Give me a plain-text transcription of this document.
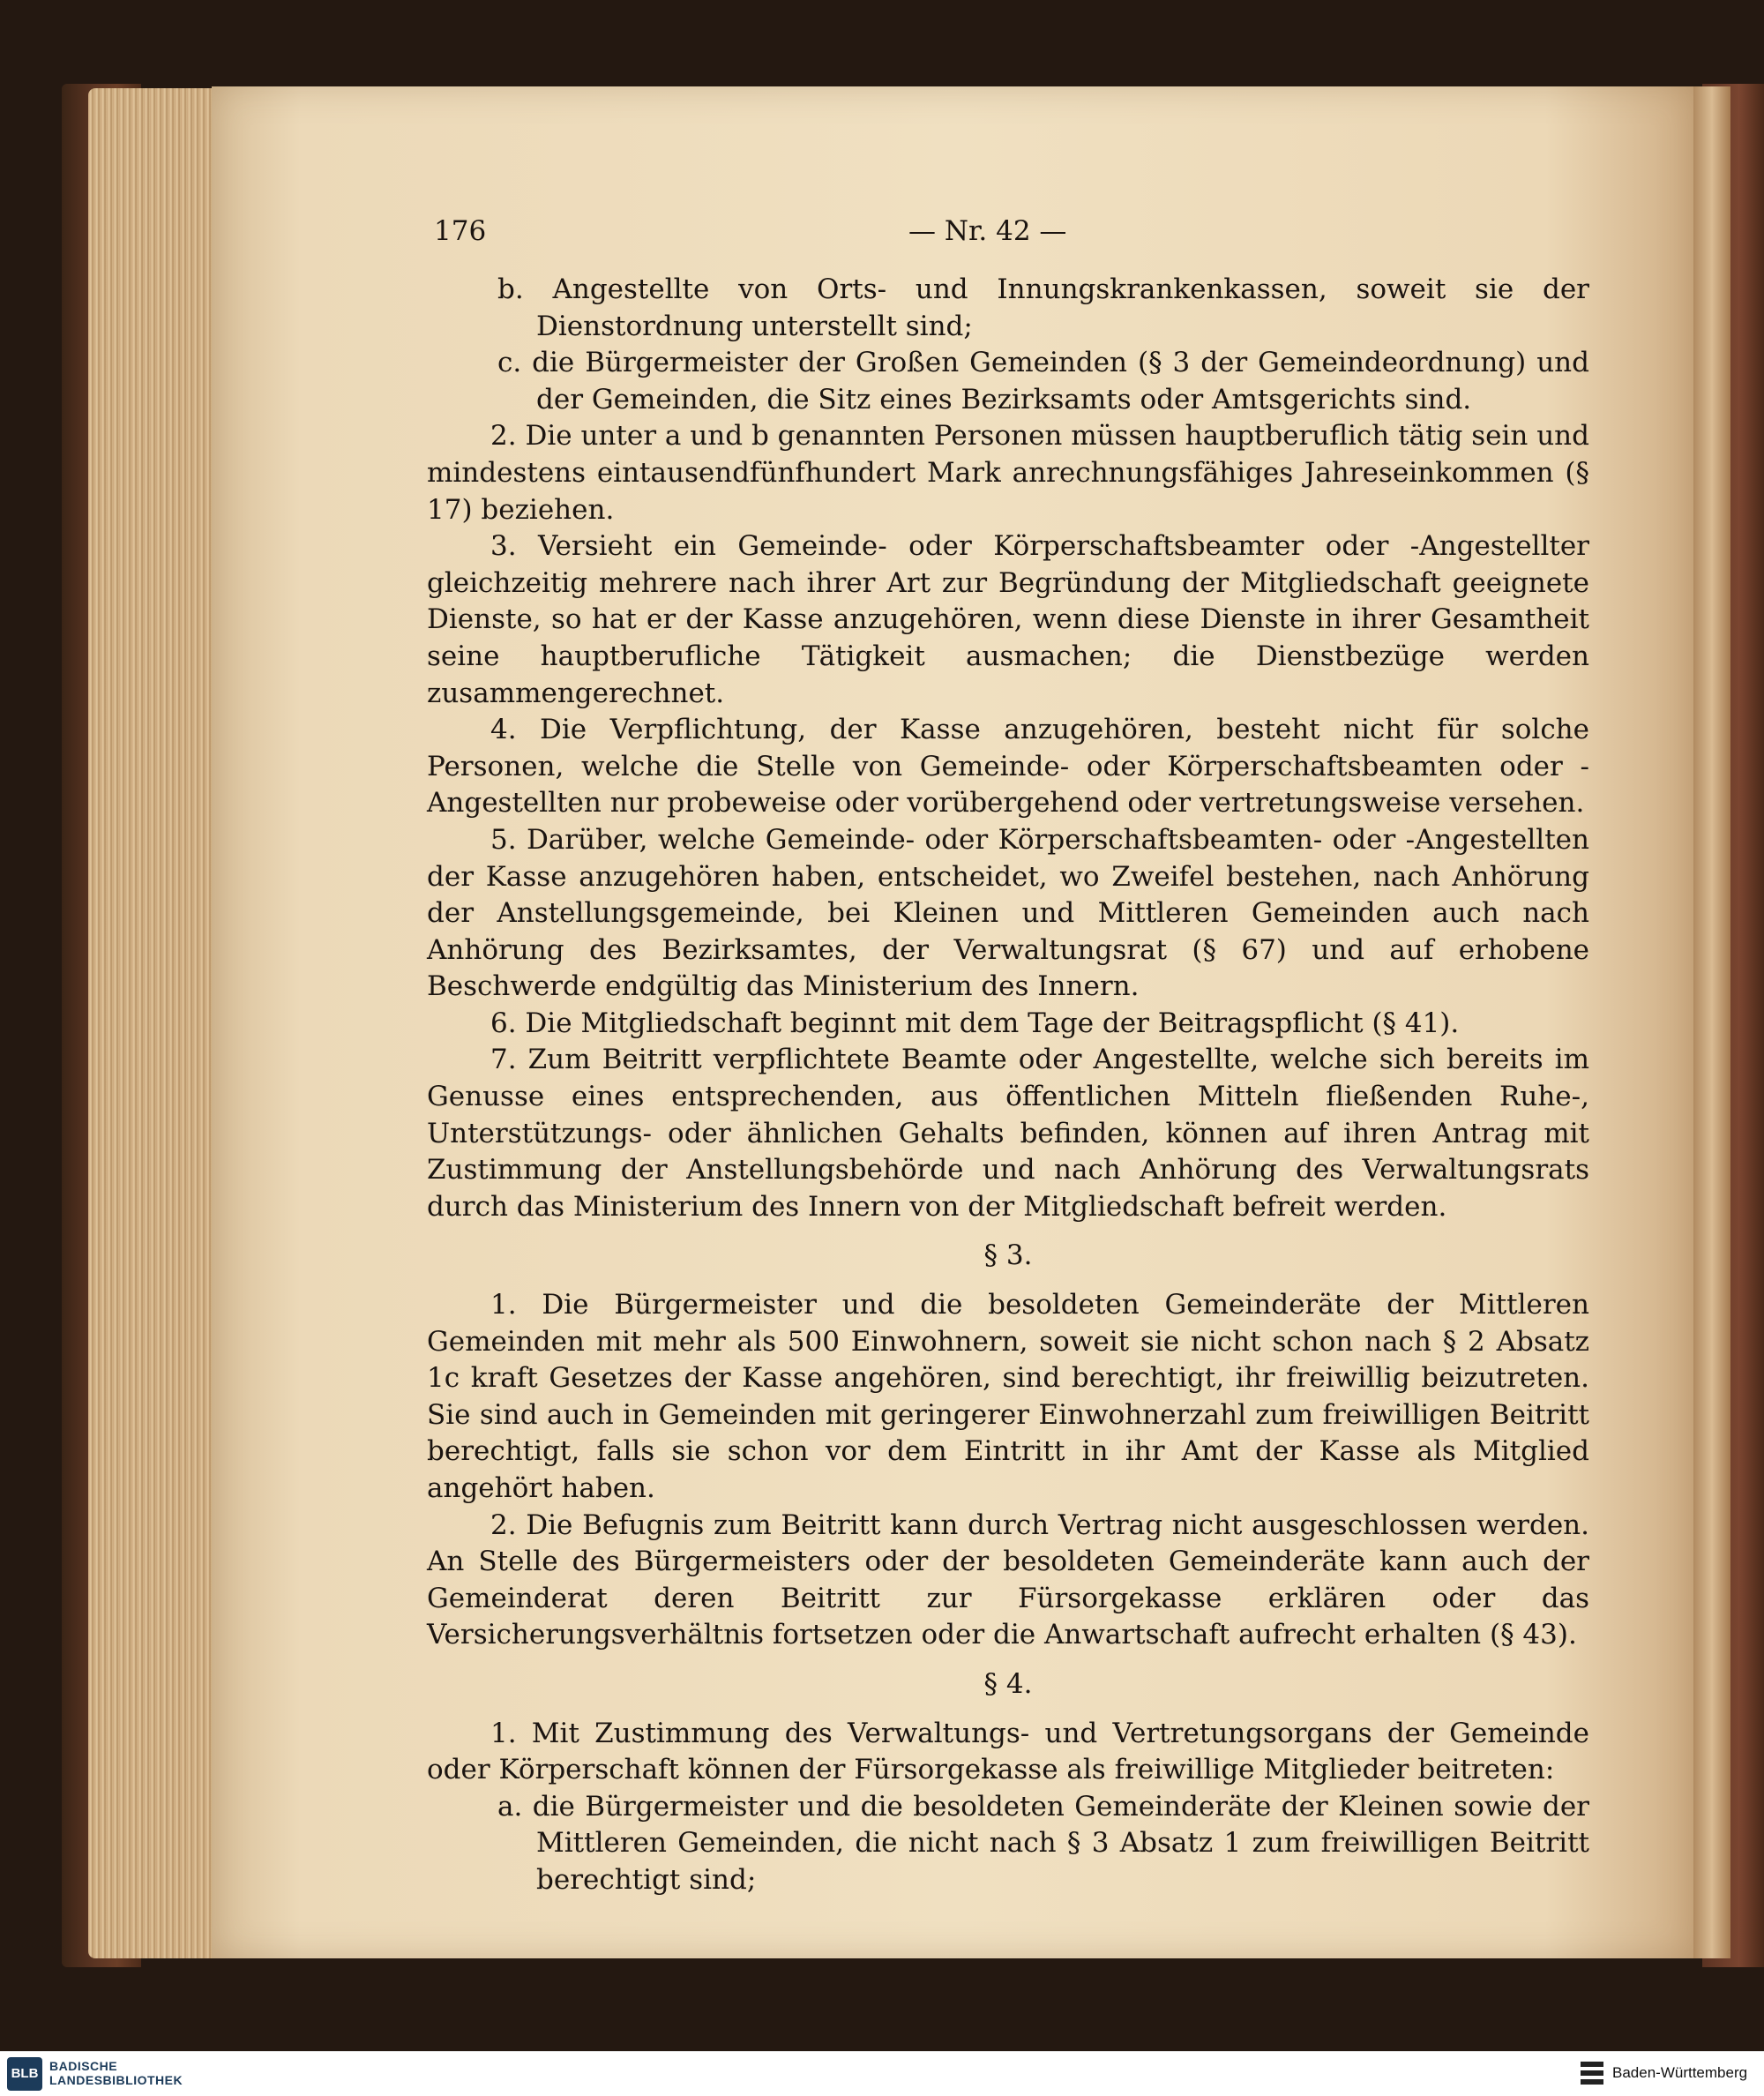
176	— Nr. 42 —

b. Angestellte von Orts- und Innungskrankenkassen, soweit sie der Dienstordnung unterstellt sind;

c. die Bürgermeister der Großen Gemeinden (§ 3 der Gemeindeordnung) und der Gemeinden, die Sitz eines Bezirksamts oder Amtsgerichts sind.

2. Die unter a und b genannten Personen müssen hauptberuflich tätig sein und mindestens eintausendfünfhundert Mark anrechnungsfähiges Jahreseinkommen (§ 17) beziehen.

3. Versieht ein Gemeinde- oder Körperschaftsbeamter oder -Angestellter gleichzeitig mehrere nach ihrer Art zur Begründung der Mitgliedschaft geeignete Dienste, so hat er der Kasse anzugehören, wenn diese Dienste in ihrer Gesamtheit seine hauptberufliche Tätigkeit ausmachen; die Dienstbezüge werden zusammengerechnet.

4. Die Verpflichtung, der Kasse anzugehören, besteht nicht für solche Personen, welche die Stelle von Gemeinde- oder Körperschaftsbeamten oder -Angestellten nur probeweise oder vorübergehend oder vertretungsweise versehen.

5. Darüber, welche Gemeinde- oder Körperschaftsbeamten- oder -Angestellten der Kasse anzugehören haben, entscheidet, wo Zweifel bestehen, nach Anhörung der Anstellungsgemeinde, bei Kleinen und Mittleren Gemeinden auch nach Anhörung des Bezirksamtes, der Verwaltungsrat (§ 67) und auf erhobene Beschwerde endgültig das Ministerium des Innern.

6. Die Mitgliedschaft beginnt mit dem Tage der Beitragspflicht (§ 41).

7. Zum Beitritt verpflichtete Beamte oder Angestellte, welche sich bereits im Genusse eines entsprechenden, aus öffentlichen Mitteln fließenden Ruhe-, Unterstützungs- oder ähnlichen Gehalts befinden, können auf ihren Antrag mit Zustimmung der Anstellungsbehörde und nach Anhörung des Verwaltungsrats durch das Ministerium des Innern von der Mitgliedschaft befreit werden.

§ 3.

1. Die Bürgermeister und die besoldeten Gemeinderäte der Mittleren Gemeinden mit mehr als 500 Einwohnern, soweit sie nicht schon nach § 2 Absatz 1c kraft Gesetzes der Kasse angehören, sind berechtigt, ihr freiwillig beizutreten. Sie sind auch in Gemeinden mit geringerer Einwohnerzahl zum freiwilligen Beitritt berechtigt, falls sie schon vor dem Eintritt in ihr Amt der Kasse als Mitglied angehört haben.

2. Die Befugnis zum Beitritt kann durch Vertrag nicht ausgeschlossen werden. An Stelle des Bürgermeisters oder der besoldeten Gemeinderäte kann auch der Gemeinderat deren Beitritt zur Fürsorgekasse erklären oder das Versicherungsverhältnis fortsetzen oder die Anwartschaft aufrecht erhalten (§ 43).

§ 4.

1. Mit Zustimmung des Verwaltungs- und Vertretungsorgans der Gemeinde oder Körperschaft können der Fürsorgekasse als freiwillige Mitglieder beitreten:

a. die Bürgermeister und die besoldeten Gemeinderäte der Kleinen sowie der Mittleren Gemeinden, die nicht nach § 3 Absatz 1 zum freiwilligen Beitritt berechtigt sind;

BLB BADISCHE
LANDESBIBLIOTHEK	Baden-Württemberg
